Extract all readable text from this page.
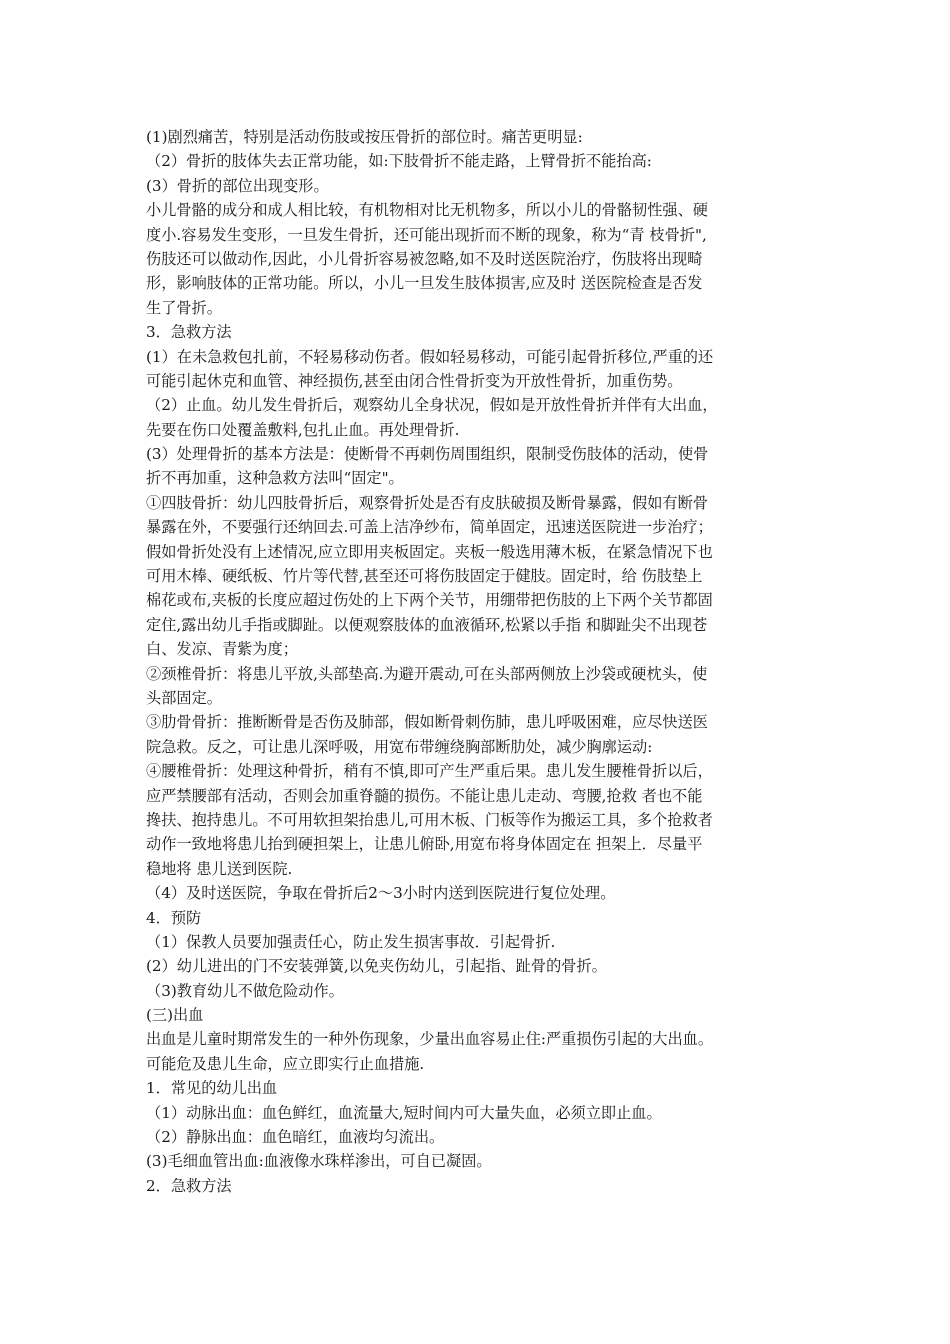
(1)剧烈痛苦，特别是活动伤肢或按压骨折的部位时。痛苦更明显:
（2）骨折的肢体失去正常功能，如:下肢骨折不能走路，上臂骨折不能抬高:
(3）骨折的部位出现变形。
小儿骨骼的成分和成人相比较，有机物相对比无机物多，所以小儿的骨骼韧性强、硬
度小.容易发生变形，一旦发生骨折，还可能出现折而不断的现象，称为“青 枝骨折",
伤肢还可以做动作,因此，小儿骨折容易被忽略,如不及时送医院治疗，伤肢将出现畸
形，影响肢体的正常功能。所以，小儿一旦发生肢体损害,应及时 送医院检查是否发
生了骨折。
3．急救方法
(1）在未急救包扎前，不轻易移动伤者。假如轻易移动，可能引起骨折移位,严重的还
可能引起休克和血管、神经损伤,甚至由闭合性骨折变为开放性骨折，加重伤势。
（2）止血。幼儿发生骨折后，观察幼儿全身状况，假如是开放性骨折并伴有大出血，
先要在伤口处覆盖敷料,包扎止血。再处理骨折.
(3）处理骨折的基本方法是：使断骨不再刺伤周围组织，限制受伤肢体的活动，使骨
折不再加重，这种急救方法叫“固定"。
①四肢骨折：幼儿四肢骨折后，观察骨折处是否有皮肤破损及断骨暴露，假如有断骨
暴露在外，不要强行还纳回去.可盖上洁净纱布，简单固定，迅速送医院进一步治疗；
假如骨折处没有上述情况,应立即用夹板固定。夹板一般选用薄木板，在紧急情况下也
可用木棒、硬纸板、竹片等代替,甚至还可将伤肢固定于健肢。固定时，给 伤肢垫上
棉花或布,夹板的长度应超过伤处的上下两个关节，用绷带把伤肢的上下两个关节都固
定住,露出幼儿手指或脚趾。以便观察肢体的血液循环,松紧以手指 和脚趾尖不出现苍
白、发凉、青紫为度；
②颈椎骨折：将患儿平放,头部垫高.为避开震动,可在头部两侧放上沙袋或硬枕头，使
头部固定。
③肋骨骨折：推断断骨是否伤及肺部，假如断骨刺伤肺，患儿呼吸困难，应尽快送医
院急救。反之，可让患儿深呼吸，用宽布带缠绕胸部断肋处，减少胸廓运动:
④腰椎骨折：处理这种骨折，稍有不慎,即可产生严重后果。患儿发生腰椎骨折以后，
应严禁腰部有活动，否则会加重脊髓的损伤。不能让患儿走动、弯腰,抢救 者也不能
搀扶、抱持患儿。不可用软担架抬患儿,可用木板、门板等作为搬运工具，多个抢救者
动作一致地将患儿抬到硬担架上，让患儿俯卧,用宽布将身体固定在 担架上．尽量平
稳地将 患儿送到医院.
（4）及时送医院，争取在骨折后2～3小时内送到医院进行复位处理。
4．预防
（1）保教人员要加强责任心，防止发生损害事故．引起骨折.
(2）幼儿进出的门不安装弹簧,以免夹伤幼儿，引起指、趾骨的骨折。
（3)教育幼儿不做危险动作。
(三)出血
出血是儿童时期常发生的一种外伤现象，少量出血容易止住:严重损伤引起的大出血。
可能危及患儿生命，应立即实行止血措施.
1．常见的幼儿出血
（1）动脉出血：血色鲜红，血流量大,短时间内可大量失血，必须立即止血。
（2）静脉出血：血色暗红，血液均匀流出。
(3)毛细血管出血:血液像水珠样渗出，可自已凝固。
2．急救方法
